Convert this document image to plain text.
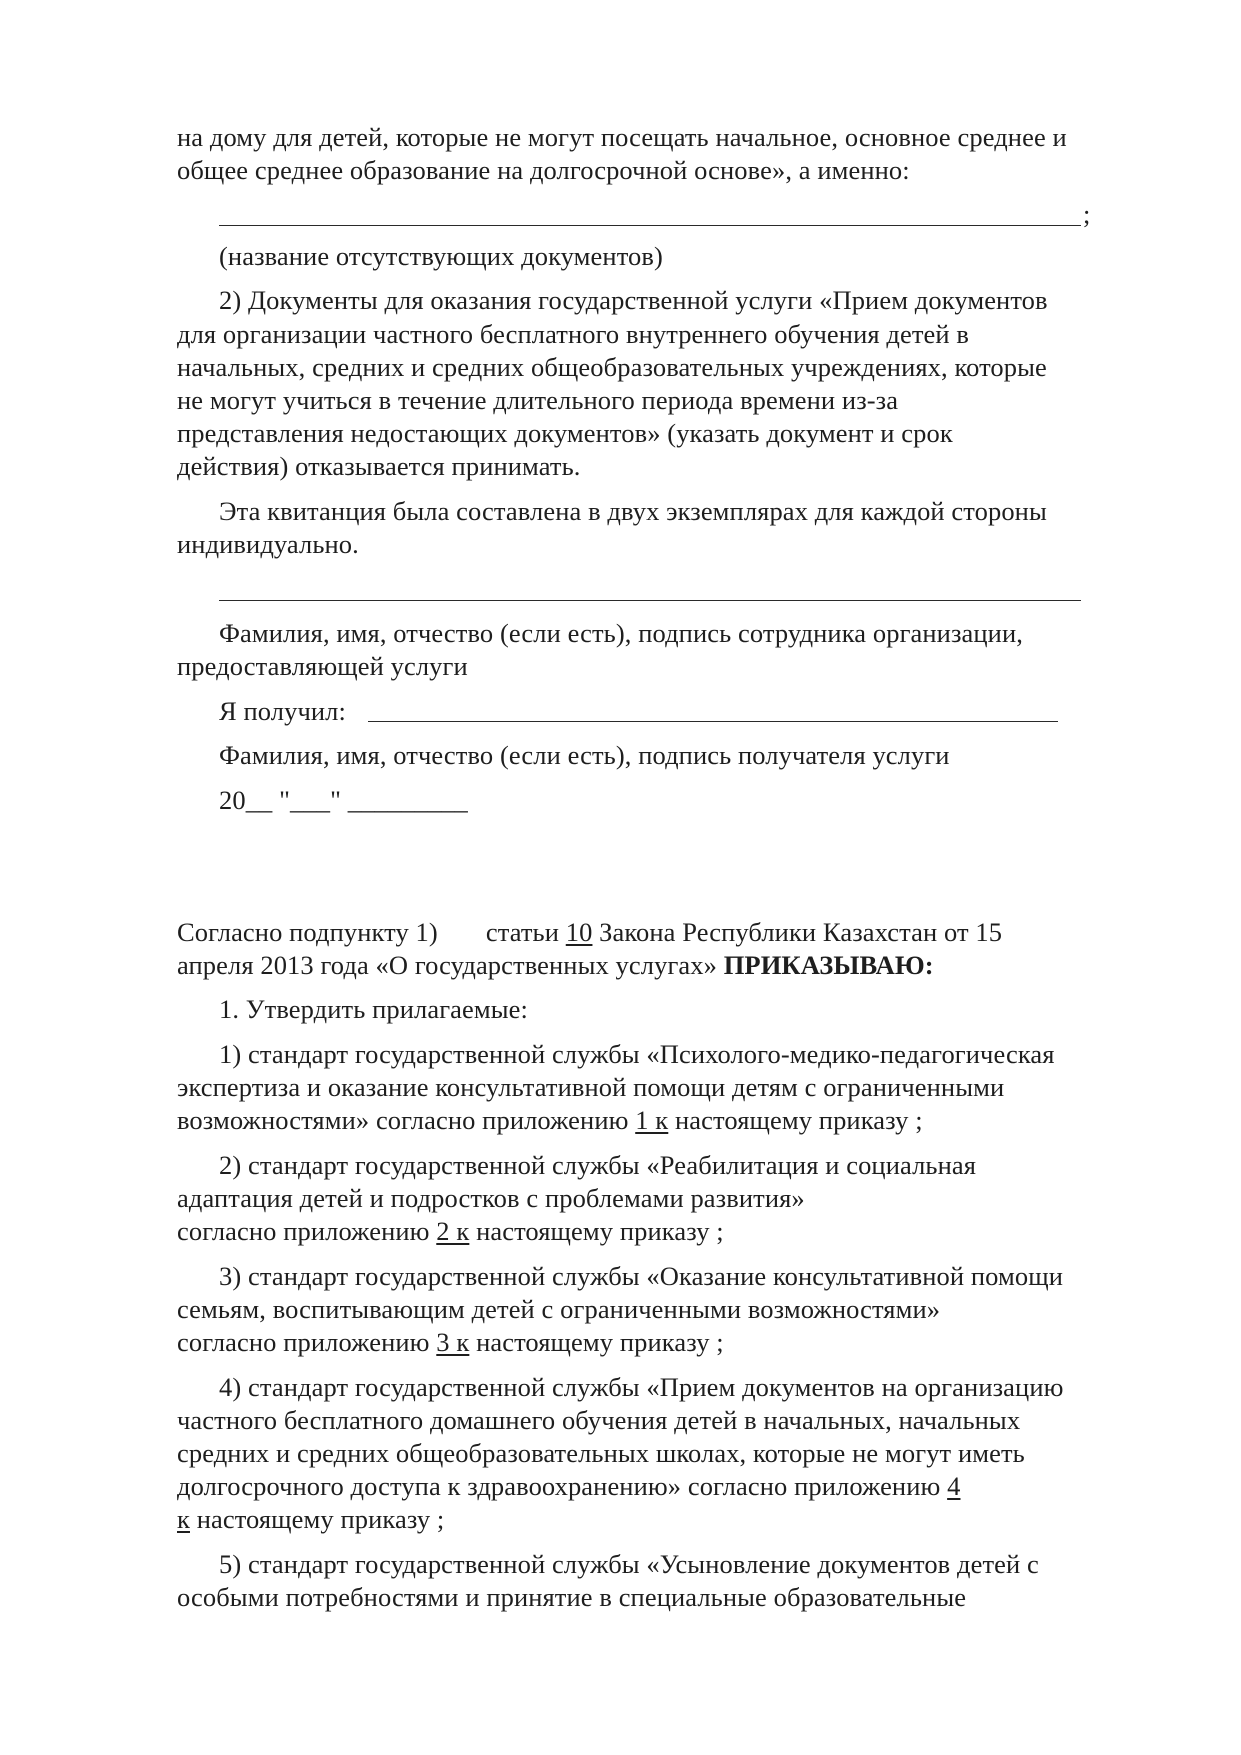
на дому для детей, которые не могут посещать начальное, основное среднее и
общее среднее образование на долгосрочной основе», а именно:
;
(название отсутствующих документов)
2) Документы для оказания государственной услуги «Прием документов
для организации частного бесплатного внутреннего обучения детей в
начальных, средних и средних общеобразовательных учреждениях, которые
не могут учиться в течение длительного периода времени из-за
представления недостающих документов» (указать документ и срок
действия) отказывается принимать.
Эта квитанция была составлена в двух экземплярах для каждой стороны
индивидуально.
Фамилия, имя, отчество (если есть), подпись сотрудника организации,
предоставляющей услуги
Я получил:
Фамилия, имя, отчество (если есть), подпись получателя услуги
20__ "___" _________
Согласно подпункту 1) статьи 10 Закона Республики Казахстан от 15
апреля 2013 года «О государственных услугах» ПРИКАЗЫВАЮ:
1. Утвердить прилагаемые:
1) стандарт государственной службы «Психолого-медико-педагогическая
экспертиза и оказание консультативной помощи детям с ограниченными
возможностями» согласно приложению 1 к настоящему приказу ;
2) стандарт государственной службы «Реабилитация и социальная
адаптация детей и подростков с проблемами развития»
согласно приложению 2 к настоящему приказу ;
3) стандарт государственной службы «Оказание консультативной помощи
семьям, воспитывающим детей с ограниченными возможностями»
согласно приложению 3 к настоящему приказу ;
4) стандарт государственной службы «Прием документов на организацию
частного бесплатного домашнего обучения детей в начальных, начальных
средних и средних общеобразовательных школах, которые не могут иметь
долгосрочного доступа к здравоохранению» согласно приложению 4
к настоящему приказу ;
5) стандарт государственной службы «Усыновление документов детей с
особыми потребностями и принятие в специальные образовательные
